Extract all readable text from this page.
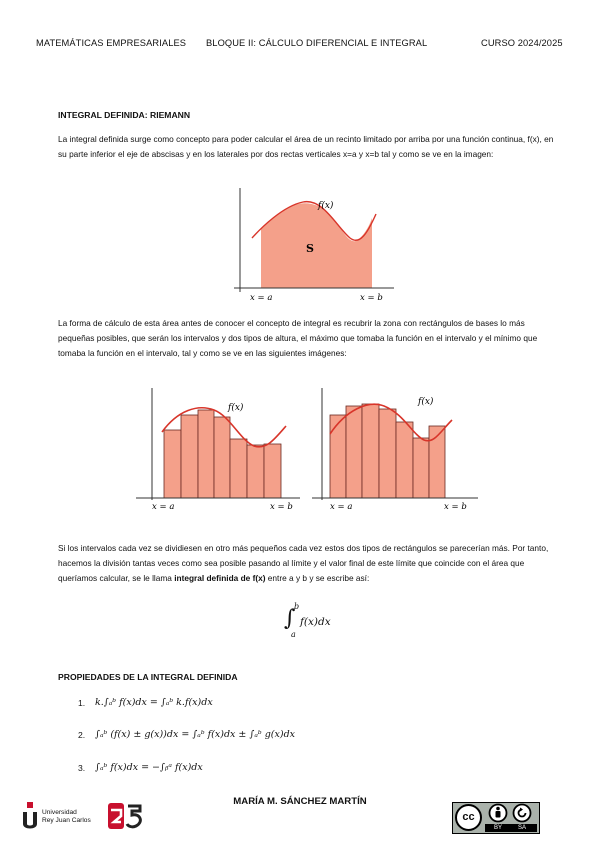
MATEMÁTICAS EMPRESARIALES BLOQUE II: CÁLCULO DIFERENCIAL E INTEGRAL	CURSO 2024/2025
INTEGRAL DEFINIDA: RIEMANN
La integral definida surge como concepto para poder calcular el área de un recinto limitado por arriba por una función continua, f(x), en su parte inferior el eje de abscisas y en los laterales por dos rectas verticales x=a y x=b tal y como se ve en la imagen:
f(x)
S
x = a	x = b
La forma de cálculo de esta área antes de conocer el concepto de integral es recubrir la zona con rectángulos de bases lo más pequeñas posibles, que serán los intervalos y dos tipos de altura, el máximo que tomaba la función en el intervalo y el mínimo que tomaba la función en el intervalo, tal y como se ve en las siguientes imágenes:
f(x)
x = a	x = b
f(x)
x = a	x = b
Si los intervalos cada vez se dividiesen en otro más pequeños cada vez estos dos tipos de rectángulos se parecerían más. Por tanto, hacemos la división tantas veces como sea posible pasando al límite y el valor final de este límite que coincide con el área que queríamos calcular, se le llama integral definida de f(x) entre a y b y se escribe así:
∫
b
a
f(x)dx
PROPIEDADES DE LA INTEGRAL DEFINIDA
1.	k.∫ₐᵇ f(x)dx = ∫ₐᵇ k.f(x)dx
2.	∫ₐᵇ (f(x) ± g(x))dx = ∫ₐᵇ f(x)dx ± ∫ₐᵇ g(x)dx
3.	∫ₐᵇ f(x)dx = −∫ᵦᵃ f(x)dx
MARÍA M. SÁNCHEZ MARTÍN
Universidad
Rey Juan Carlos	cc
BY	SA
